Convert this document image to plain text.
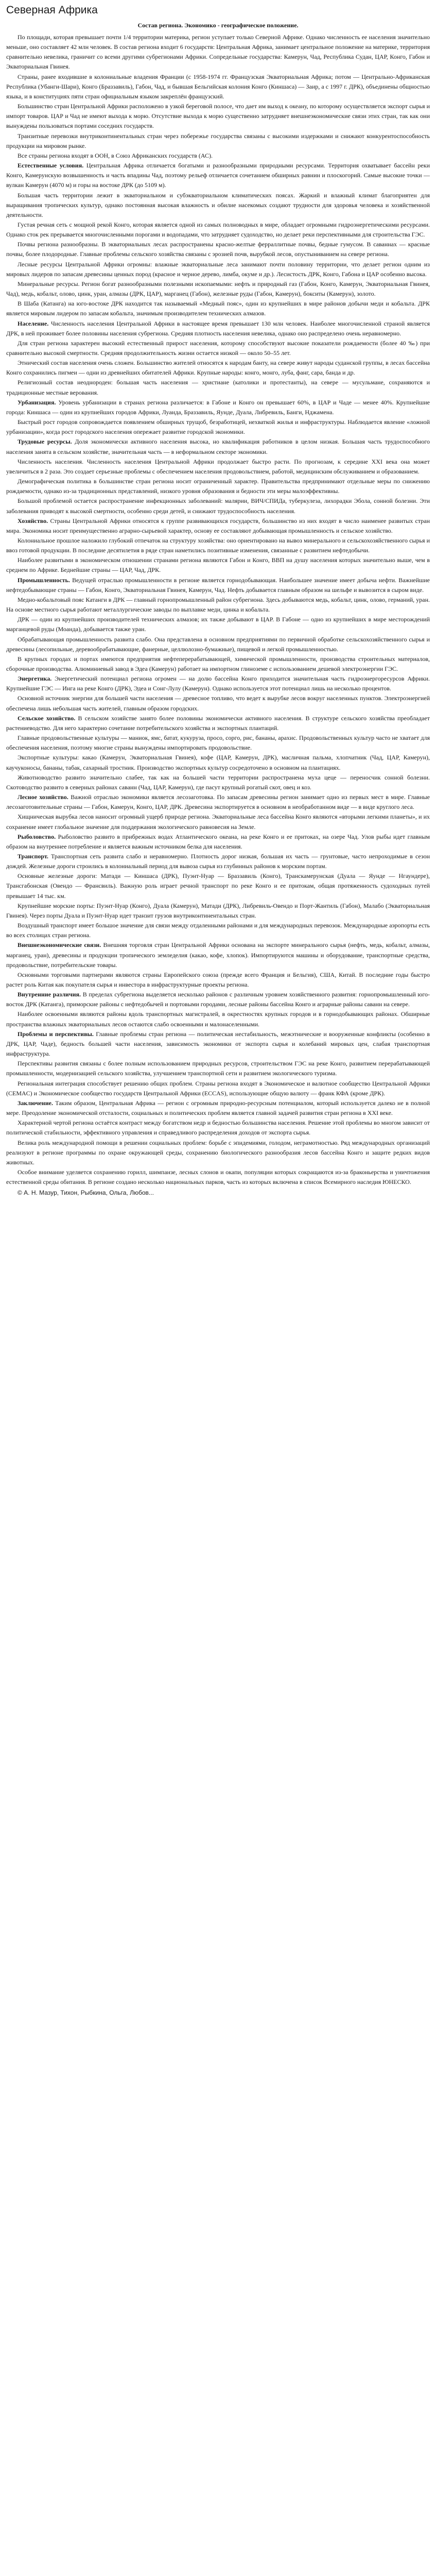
Северная Африка
Состав региона. Экономико - географическое положение.

По площади, которая превышает почти 1/4 территории материка, регион уступает только Северной Африке. Однако численность ее населения значительно меньше, оно составляет 42 млн человек. В состав региона входит 6 государств: Центральная Африка, занимает центральное положение на материке, территория сравнительно невелика, граничит со всеми другими субрегионами Африки. Сопредельные государства: Камерун, Чад, Республика Судан, ЦАР, Конго, Габон и Экваториальная Гвинея.

Страны, ранее входившие в колониальные владения Франции (с 1958-1974 гг. Французская Экваториальная Африка; потом — Центрально-Африканская Республика (Убанги-Шари), Конго (Браззавиль), Габон, Чад, и бывшая Бельгийская колония Конго (Киншаса) — Заир, а с 1997 г. ДРК), объединены общностью языка, и в конституциях пяти стран официальным языком закреплён французский.

Большинство стран Центральной Африки расположено в узкой береговой полосе, что дает им выход к океану, по которому осуществляется экспорт сырья и импорт товаров. ЦАР и Чад не имеют выхода к морю. Отсутствие выхода к морю существенно затрудняет внешнеэкономические связи этих стран, так как они вынуждены пользоваться портами соседних государств.

Транзитные перевозки внутриконтинентальных стран через побережье государства связаны с высокими издержками и снижают конкурентоспособность продукции на мировом рынке.

Все страны региона входят в ООН, в Союз Африканских государств (АС).

Естественные условия. Центральная Африка отличается богатыми и разнообразными природными ресурсами. Территория охватывает бассейн реки Конго, Камерунскую возвышенность и часть впадины Чад, поэтому рельеф отличается сочетанием обширных равнин и плоскогорий. Самые высокие точки — вулкан Камерун (4070 м) и горы на востоке ДРК (до 5109 м).

Большая часть территории лежит в экваториальном и субэкваториальном климатических поясах. Жаркий и влажный климат благоприятен для выращивания тропических культур, однако постоянная высокая влажность и обилие насекомых создают трудности для здоровья человека и хозяйственной деятельности.

Густая речная сеть с мощной рекой Конго, которая является одной из самых полноводных в мире, обладает огромными гидроэнергетическими ресурсами. Однако сток рек прерывается многочисленными порогами и водопадами, что затрудняет судоходство, но делает реки перспективными для строительства ГЭС.

Почвы региона разнообразны. В экваториальных лесах распространены красно-желтые ферраллитные почвы, бедные гумусом. В саваннах — красные почвы, более плодородные. Главные проблемы сельского хозяйства связаны с эрозией почв, вырубкой лесов, опустыниванием на севере региона.

Лесные ресурсы Центральной Африки огромны: влажные экваториальные леса занимают почти половину территории, что делает регион одним из мировых лидеров по запасам древесины ценных пород (красное и черное дерево, лимба, окуме и др.). Лесистость ДРК, Конго, Габона и ЦАР особенно высока.

Минеральные ресурсы. Регион богат разнообразными полезными ископаемыми: нефть и природный газ (Габон, Конго, Камерун, Экваториальная Гвинея, Чад), медь, кобальт, олово, цинк, уран, алмазы (ДРК, ЦАР), марганец (Габон), железные руды (Габон, Камерун), бокситы (Камерун), золото.

В Шаба (Катанга) на юго-востоке ДРК находится так называемый «Медный пояс», один из крупнейших в мире районов добычи меди и кобальта. ДРК является мировым лидером по запасам кобальта, значимым производителем технических алмазов.

Население. Численность населения Центральной Африки в настоящее время превышает 130 млн человек. Наиболее многочисленной страной является ДРК, в ней проживает более половины населения субрегиона. Средняя плотность населения невелика, однако оно распределено очень неравномерно.

Для стран региона характерен высокий естественный прирост населения, которому способствуют высокие показатели рождаемости (более 40 ‰) при сравнительно высокой смертности. Средняя продолжительность жизни остается низкой — около 50–55 лет.

Этнический состав населения очень сложен. Большинство жителей относятся к народам банту, на севере живут народы суданской группы, в лесах бассейна Конго сохранились пигмеи — одни из древнейших обитателей Африки. Крупные народы: конго, монго, луба, фанг, сара, банда и др.

Религиозный состав неоднороден: большая часть населения — христиане (католики и протестанты), на севере — мусульмане, сохраняются и традиционные местные верования.

Урбанизация. Уровень урбанизации в странах региона различается: в Габоне и Конго он превышает 60%, в ЦАР и Чаде — менее 40%. Крупнейшие города: Киншаса — один из крупнейших городов Африки, Луанда, Браззавиль, Яунде, Дуала, Либревиль, Банги, Нджамена.

Быстрый рост городов сопровождается появлением обширных трущоб, безработицей, нехваткой жилья и инфраструктуры. Наблюдается явление «ложной урбанизации», когда рост городского населения опережает развитие городской экономики.

Трудовые ресурсы. Доля экономически активного населения высока, но квалификация работников в целом низкая. Большая часть трудоспособного населения занята в сельском хозяйстве, значительная часть — в неформальном секторе экономики.

Численность населения. Численность населения Центральной Африки продолжает быстро расти. По прогнозам, к середине XXI века она может увеличиться в 2 раза. Это создает серьезные проблемы с обеспечением населения продовольствием, работой, медицинским обслуживанием и образованием.

Демографическая политика в большинстве стран региона носит ограниченный характер. Правительства предпринимают отдельные меры по снижению рождаемости, однако из-за традиционных представлений, низкого уровня образования и бедности эти меры малоэффективны.

Большой проблемой остается распространение инфекционных заболеваний: малярии, ВИЧ/СПИДа, туберкулеза, лихорадки Эбола, сонной болезни. Эти заболевания приводят к высокой смертности, особенно среди детей, и снижают трудоспособность населения.

Хозяйство. Страны Центральной Африки относятся к группе развивающихся государств, большинство из них входят в число наименее развитых стран мира. Экономика носит преимущественно аграрно-сырьевой характер, основу ее составляют добывающая промышленность и сельское хозяйство.

Колониальное прошлое наложило глубокий отпечаток на структуру хозяйства: оно ориентировано на вывоз минерального и сельскохозяйственного сырья и ввоз готовой продукции. В последние десятилетия в ряде стран наметились позитивные изменения, связанные с развитием нефтедобычи.

Наиболее развитыми в экономическом отношении странами региона являются Габон и Конго, ВВП на душу населения которых значительно выше, чем в среднем по Африке. Беднейшие страны — ЦАР, Чад, ДРК.

Промышленность. Ведущей отраслью промышленности в регионе является горнодобывающая. Наибольшее значение имеет добыча нефти. Важнейшие нефтедобывающие страны — Габон, Конго, Экваториальная Гвинея, Камерун, Чад. Нефть добывается главным образом на шельфе и вывозится в сыром виде.

Медно-кобальтовый пояс Катанги в ДРК — главный горнопромышленный район субрегиона. Здесь добываются медь, кобальт, цинк, олово, германий, уран. На основе местного сырья работают металлургические заводы по выплавке меди, цинка и кобальта.

ДРК — один из крупнейших производителей технических алмазов; их также добывают в ЦАР. В Габоне — одно из крупнейших в мире месторождений марганцевой руды (Моанда), добывается также уран.

Обрабатывающая промышленность развита слабо. Она представлена в основном предприятиями по первичной обработке сельскохозяйственного сырья и древесины (лесопильные, деревообрабатывающие, фанерные, целлюлозно-бумажные), пищевой и легкой промышленностью.

В крупных городах и портах имеются предприятия нефтеперерабатывающей, химической промышленности, производства строительных материалов, сборочные производства. Алюминиевый завод в Эдеа (Камерун) работает на импортном глиноземе с использованием дешевой электроэнергии ГЭС.

Энергетика. Энергетический потенциал региона огромен — на долю бассейна Конго приходится значительная часть гидроэнергоресурсов Африки. Крупнейшие ГЭС — Инга на реке Конго (ДРК), Эдеа и Сонг-Лулу (Камерун). Однако используется этот потенциал лишь на несколько процентов.

Основной источник энергии для большей части населения — древесное топливо, что ведет к вырубке лесов вокруг населенных пунктов. Электроэнергией обеспечена лишь небольшая часть жителей, главным образом городских.

Сельское хозяйство. В сельском хозяйстве занято более половины экономически активного населения. В структуре сельского хозяйства преобладает растениеводство. Для него характерно сочетание потребительского хозяйства и экспортных плантаций.

Главные продовольственные культуры — маниок, ямс, батат, кукуруза, просо, сорго, рис, бананы, арахис. Продовольственных культур часто не хватает для обеспечения населения, поэтому многие страны вынуждены импортировать продовольствие.

Экспортные культуры: какао (Камерун, Экваториальная Гвинея), кофе (ЦАР, Камерун, ДРК), масличная пальма, хлопчатник (Чад, ЦАР, Камерун), каучуконосы, бананы, табак, сахарный тростник. Производство экспортных культур сосредоточено в основном на плантациях.

Животноводство развито значительно слабее, так как на большей части территории распространена муха цеце — переносчик сонной болезни. Скотоводство развито в северных районах саванн (Чад, ЦАР, Камерун), где пасут крупный рогатый скот, овец и коз.

Лесное хозяйство. Важной отраслью экономики является лесозаготовка. По запасам древесины регион занимает одно из первых мест в мире. Главные лесозаготовительные страны — Габон, Камерун, Конго, ЦАР, ДРК. Древесина экспортируется в основном в необработанном виде — в виде круглого леса.

Хищническая вырубка лесов наносит огромный ущерб природе региона. Экваториальные леса бассейна Конго являются «вторыми легкими планеты», и их сохранение имеет глобальное значение для поддержания экологического равновесия на Земле.

Рыболовство. Рыболовство развито в прибрежных водах Атлантического океана, на реке Конго и ее притоках, на озере Чад. Улов рыбы идет главным образом на внутреннее потребление и является важным источником белка для населения.

Транспорт. Транспортная сеть развита слабо и неравномерно. Плотность дорог низкая, большая их часть — грунтовые, часто непроходимые в сезон дождей. Железные дороги строились в колониальный период для вывоза сырья из глубинных районов к морским портам.

Основные железные дороги: Матади — Киншаса (ДРК), Пуэнт-Нуар — Браззавиль (Конго), Транскамерунская (Дуала — Яунде — Нгаундере), Трансгабонская (Овендо — Франсвиль). Важную роль играет речной транспорт по реке Конго и ее притокам, общая протяженность судоходных путей превышает 14 тыс. км.

Крупнейшие морские порты: Пуэнт-Нуар (Конго), Дуала (Камерун), Матади (ДРК), Либревиль-Овендо и Порт-Жантиль (Габон), Малабо (Экваториальная Гвинея). Через порты Дуала и Пуэнт-Нуар идет транзит грузов внутриконтинентальных стран.

Воздушный транспорт имеет большое значение для связи между отдаленными районами и для международных перевозок. Международные аэропорты есть во всех столицах стран региона.

Внешнеэкономические связи. Внешняя торговля стран Центральной Африки основана на экспорте минерального сырья (нефть, медь, кобальт, алмазы, марганец, уран), древесины и продукции тропического земледелия (какао, кофе, хлопок). Импортируются машины и оборудование, транспортные средства, продовольствие, потребительские товары.

Основными торговыми партнерами являются страны Европейского союза (прежде всего Франция и Бельгия), США, Китай. В последние годы быстро растет роль Китая как покупателя сырья и инвестора в инфраструктурные проекты региона.

Внутренние различия. В пределах субрегиона выделяется несколько районов с различным уровнем хозяйственного развития: горнопромышленный юго-восток ДРК (Катанга), приморские районы с нефтедобычей и портовыми городами, лесные районы бассейна Конго и аграрные районы саванн на севере.

Наиболее освоенными являются районы вдоль транспортных магистралей, в окрестностях крупных городов и в горнодобывающих районах. Обширные пространства влажных экваториальных лесов остаются слабо освоенными и малонаселенными.

Проблемы и перспективы. Главные проблемы стран региона — политическая нестабильность, межэтнические и вооруженные конфликты (особенно в ДРК, ЦАР, Чаде), бедность большей части населения, зависимость экономики от экспорта сырья и колебаний мировых цен, слабая транспортная инфраструктура.

Перспективы развития связаны с более полным использованием природных ресурсов, строительством ГЭС на реке Конго, развитием перерабатывающей промышленности, модернизацией сельского хозяйства, улучшением транспортной сети и развитием экологического туризма.

Региональная интеграция способствует решению общих проблем. Страны региона входят в Экономическое и валютное сообщество Центральной Африки (CEMAC) и Экономическое сообщество государств Центральной Африки (ECCAS), использующие общую валюту — франк КФА (кроме ДРК).

Заключение. Таким образом, Центральная Африка — регион с огромным природно-ресурсным потенциалом, который используется далеко не в полной мере. Преодоление экономической отсталости, социальных и политических проблем является главной задачей развития стран региона в XXI веке.

Характерной чертой региона остаётся контраст между богатством недр и бедностью большинства населения. Решение этой проблемы во многом зависит от политической стабильности, эффективного управления и справедливого распределения доходов от экспорта сырья.

Велика роль международной помощи в решении социальных проблем: борьбе с эпидемиями, голодом, неграмотностью. Ряд международных организаций реализуют в регионе программы по охране окружающей среды, сохранению биологического разнообразия лесов бассейна Конго и защите редких видов животных.

Особое внимание уделяется сохранению горилл, шимпанзе, лесных слонов и окапи, популяции которых сокращаются из-за браконьерства и уничтожения естественной среды обитания. В регионе создано несколько национальных парков, часть из которых включена в список Всемирного наследия ЮНЕСКО.

© А. Н. Мазур, Тихон, Рыбкина, Ольга, Любов...
